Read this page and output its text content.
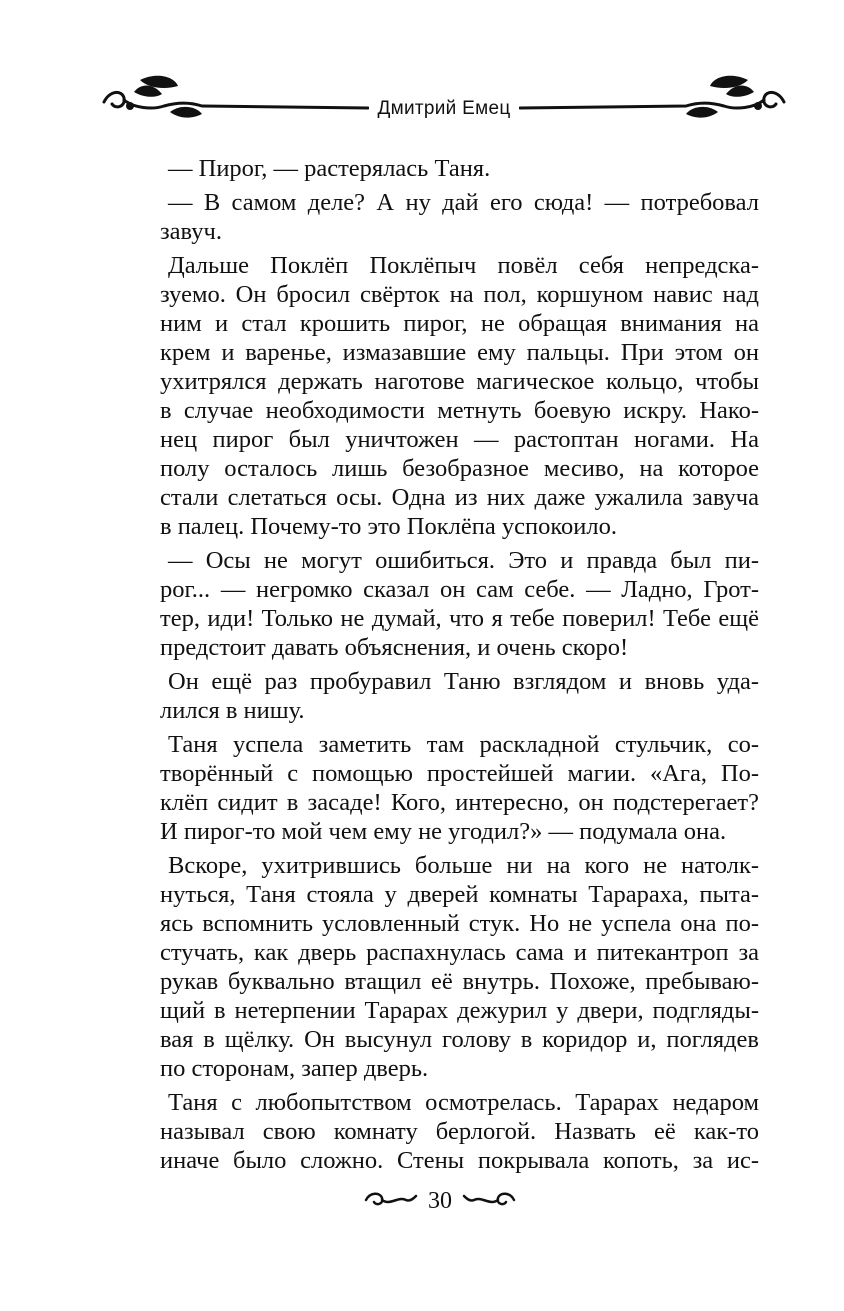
Дмитрий Емец

— Пирог, — растерялась Таня.

— В самом деле? А ну дай его сюда! — потребовал

завуч.

Дальше Поклёп Поклёпыч повёл себя непредска-

зуемо. Он бросил свёрток на пол, коршуном навис над

ним и стал крошить пирог, не обращая внимания на

крем и варенье, измазавшие ему пальцы. При этом он

ухитрялся держать наготове магическое кольцо, чтобы

в случае необходимости метнуть боевую искру. Нако-

нец пирог был уничтожен — растоптан ногами. На

полу осталось лишь безобразное месиво, на которое

стали слетаться осы. Одна из них даже ужалила завуча

в палец. Почему-то это Поклёпа успокоило.

— Осы не могут ошибиться. Это и правда был пи-

рог... — негромко сказал он сам себе. — Ладно, Грот-

тер, иди! Только не думай, что я тебе поверил! Тебе ещё

предстоит давать объяснения, и очень скоро!

Он ещё раз пробуравил Таню взглядом и вновь уда-

лился в нишу.

Таня успела заметить там раскладной стульчик, со-

творённый с помощью простейшей магии. «Ага, По-

клёп сидит в засаде! Кого, интересно, он подстерегает?

И пирог-то мой чем ему не угодил?» — подумала она.

Вскоре, ухитрившись больше ни на кого не натолк-

нуться, Таня стояла у дверей комнаты Тарараха, пыта-

ясь вспомнить условленный стук. Но не успела она по-

стучать, как дверь распахнулась сама и питекантроп за

рукав буквально втащил её внутрь. Похоже, пребываю-

щий в нетерпении Тарарах дежурил у двери, подгляды-

вая в щёлку. Он высунул голову в коридор и, поглядев

по сторонам, запер дверь.

Таня с любопытством осмотрелась. Тарарах недаром

называл свою комнату берлогой. Назвать её как-то

иначе было сложно. Стены покрывала копоть, за ис-

30
